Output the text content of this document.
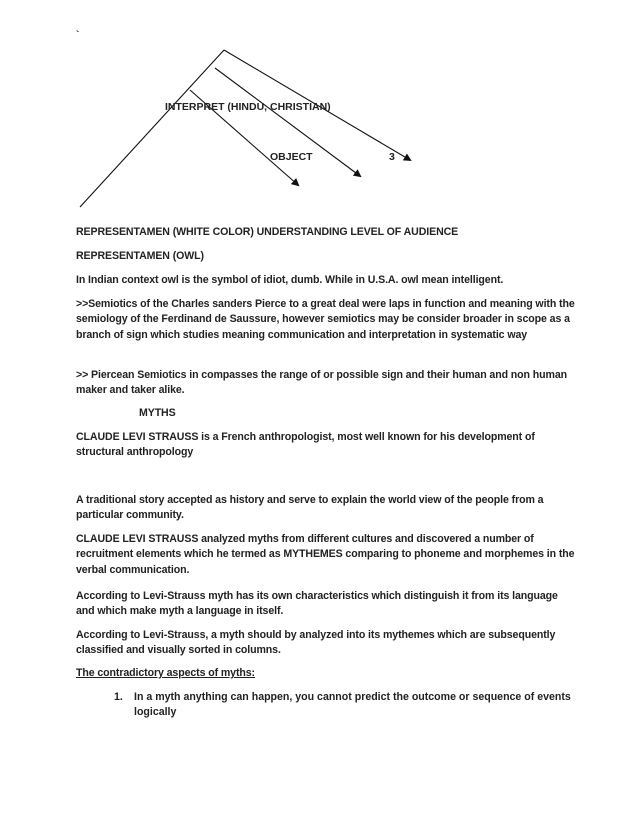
`
INTERPRET (HINDU, CHRISTIAN)
OBJECT	3

REPRESENTAMEN (WHITE COLOR) UNDERSTANDING LEVEL OF AUDIENCE

REPRESENTAMEN (OWL)

In Indian context owl is the symbol of idiot, dumb. While in U.S.A. owl mean intelligent.

>>Semiotics of the Charles sanders Pierce to a great deal were laps in function and meaning with the semiology of the Ferdinand de Saussure, however semiotics may be consider broader in scope as a branch of sign which studies meaning communication and interpretation in systematic way

>> Piercean Semiotics in compasses the range of or possible sign and their human and non human maker and taker alike.

MYTHS

CLAUDE LEVI STRAUSS is a French anthropologist, most well known for his development of structural anthropology

A traditional story accepted as history and serve to explain the world view of the people from a particular community.

CLAUDE LEVI STRAUSS analyzed myths from different cultures and discovered a number of recruitment elements which he termed as MYTHEMES comparing to phoneme and morphemes in the verbal communication.

According to Levi-Strauss myth has its own characteristics which distinguish it from its language and which make myth a language in itself.

According to Levi-Strauss, a myth should by analyzed into its mythemes which are subsequently classified and visually sorted in columns.

The contradictory aspects of myths:

1. In a myth anything can happen, you cannot predict the outcome or sequence of events logically
